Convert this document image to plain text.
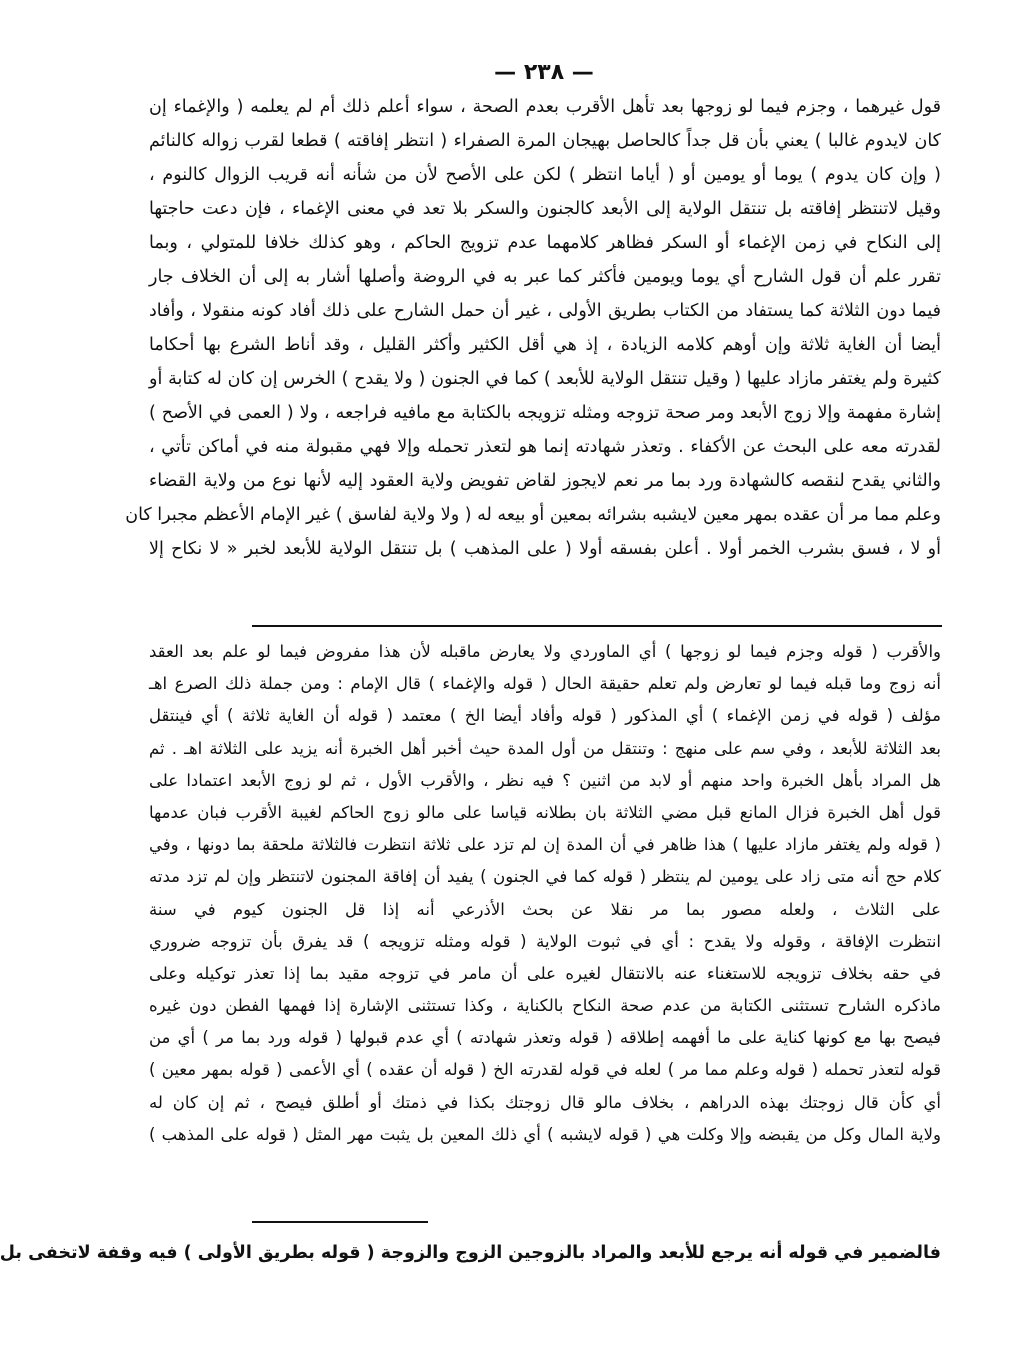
— ٢٣٨ —
قول غيرهما ، وجزم فيما لو زوجها بعد تأهل الأقرب بعدم الصحة ، سواء أعلم ذلك أم لم يعلمه ( والإغماء إن
كان لايدوم غالبا ) يعني بأن قل جداً كالحاصل بهيجان المرة الصفراء ( انتظر إفاقته ) قطعا لقرب زواله كالنائم
( وإن كان يدوم ) يوما أو يومين أو ( أياما انتظر ) لكن على الأصح لأن من شأنه أنه قريب الزوال كالنوم ،
وقيل لاتنتظر إفاقته بل تنتقل الولاية إلى الأبعد كالجنون والسكر بلا تعد في معنى الإغماء ، فإن دعت حاجتها
إلى النكاح في زمن الإغماء أو السكر فظاهر كلامهما عدم تزويج الحاكم ، وهو كذلك خلافا للمتولي ، وبما
تقرر علم أن قول الشارح أي يوما ويومين فأكثر كما عبر به في الروضة وأصلها أشار به إلى أن الخلاف جار
فيما دون الثلاثة كما يستفاد من الكتاب بطريق الأولى ، غير أن حمل الشارح على ذلك أفاد كونه منقولا ، وأفاد
أيضا أن الغاية ثلاثة وإن أوهم كلامه الزيادة ، إذ هي أقل الكثير وأكثر القليل ، وقد أناط الشرع بها أحكاما
كثيرة ولم يغتفر مازاد عليها ( وقيل تنتقل الولاية للأبعد ) كما في الجنون ( ولا يقدح ) الخرس إن كان له كتابة أو
إشارة مفهمة وإلا زوج الأبعد ومر صحة تزوجه ومثله تزويجه بالكتابة مع مافيه فراجعه ، ولا ( العمى في الأصح )
لقدرته معه على البحث عن الأكفاء . وتعذر شهادته إنما هو لتعذر تحمله وإلا فهي مقبولة منه في أماكن تأتي ،
والثاني يقدح لنقصه كالشهادة ورد بما مر نعم لايجوز لقاض تفويض ولاية العقود إليه لأنها نوع من ولاية القضاء
وعلم مما مر أن عقده بمهر معين لايشبه بشرائه بمعين أو بيعه له ( ولا ولاية لفاسق ) غير الإمام الأعظم مجبرا كان
أو لا ، فسق بشرب الخمر أولا . أعلن بفسقه أولا ( على المذهب ) بل تنتقل الولاية للأبعد لخبر « لا نكاح إلا
والأقرب ( قوله وجزم فيما لو زوجها ) أي الماوردي ولا يعارض ماقبله لأن هذا مفروض فيما لو علم بعد العقد
أنه زوج وما قبله فيما لو تعارض ولم تعلم حقيقة الحال ( قوله والإغماء ) قال الإمام : ومن جملة ذلك الصرع اهـ
مؤلف ( قوله في زمن الإغماء ) أي المذكور ( قوله وأفاد أيضا الخ ) معتمد ( قوله أن الغاية ثلاثة ) أي فينتقل
بعد الثلاثة للأبعد ، وفي سم على منهج : وتنتقل من أول المدة حيث أخبر أهل الخبرة أنه يزيد على الثلاثة اهـ . ثم
هل المراد بأهل الخبرة واحد منهم أو لابد من اثنين ؟ فيه نظر ، والأقرب الأول ، ثم لو زوج الأبعد اعتمادا على
قول أهل الخبرة فزال المانع قبل مضي الثلاثة بان بطلانه قياسا على مالو زوج الحاكم لغيبة الأقرب فبان عدمها
( قوله ولم يغتفر مازاد عليها ) هذا ظاهر في أن المدة إن لم تزد على ثلاثة انتظرت فالثلاثة ملحقة بما دونها ، وفي
كلام حج أنه متى زاد على يومين لم ينتظر ( قوله كما في الجنون ) يفيد أن إفاقة المجنون لاتنتظر وإن لم تزد مدته
على الثلاث ، ولعله مصور بما مر نقلا عن بحث الأذرعي أنه إذا قل الجنون كيوم في سنة
انتظرت الإفاقة ، وقوله ولا يقدح : أي في ثبوت الولاية ( قوله ومثله تزويجه ) قد يفرق بأن تزوجه ضروري
في حقه بخلاف تزويجه للاستغناء عنه بالانتقال لغيره على أن مامر في تزوجه مقيد بما إذا تعذر توكيله وعلى
ماذكره الشارح تستثنى الكتابة من عدم صحة النكاح بالكناية ، وكذا تستثنى الإشارة إذا فهمها الفطن دون غيره
فيصح بها مع كونها كناية على ما أفهمه إطلاقه ( قوله وتعذر شهادته ) أي عدم قبولها ( قوله ورد بما مر ) أي من
قوله لتعذر تحمله ( قوله وعلم مما مر ) لعله في قوله لقدرته الخ ( قوله أن عقده ) أي الأعمى ( قوله بمهر معين )
أي كأن قال زوجتك بهذه الدراهم ، بخلاف مالو قال زوجتك بكذا في ذمتك أو أطلق فيصح ، ثم إن كان له
ولاية المال وكل من يقبضه وإلا وكلت هي ( قوله لايشبه ) أي ذلك المعين بل يثبت مهر المثل ( قوله على المذهب )
فالضمير في قوله أنه يرجع للأبعد والمراد بالزوجين الزوج والزوجة ( قوله بطريق الأولى ) فيه وقفة لاتخفى بل
